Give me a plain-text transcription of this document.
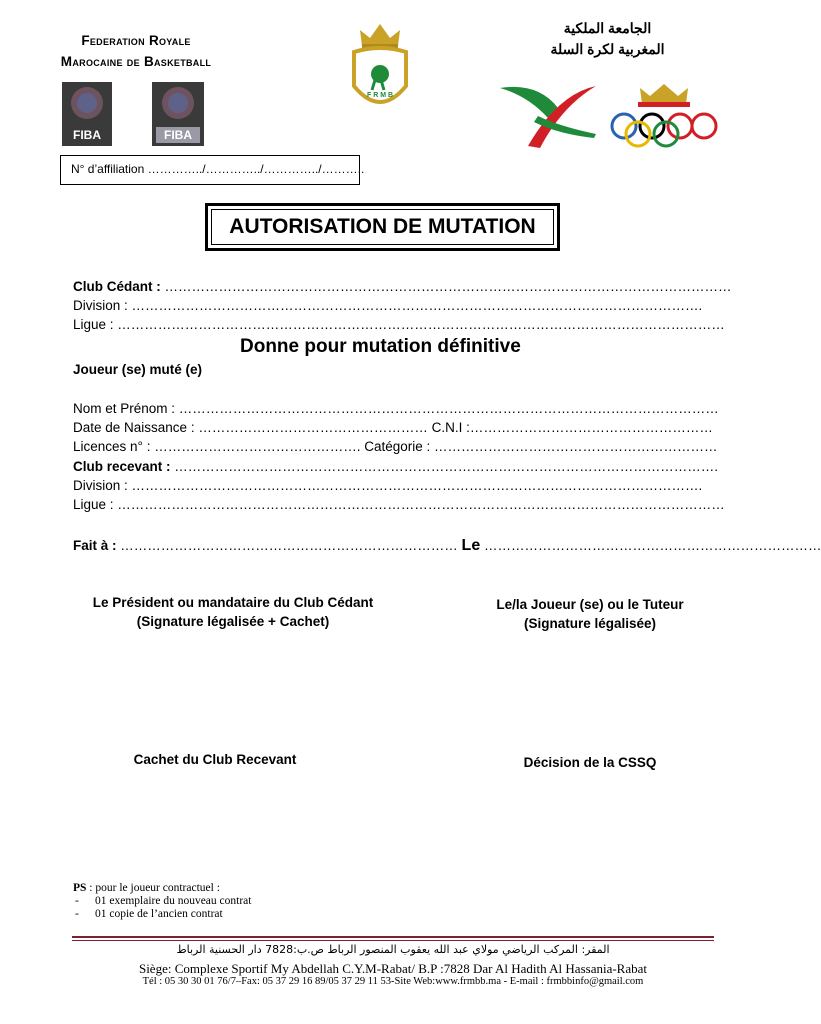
Federation Royale
Marocaine de Basketball
FIBA	FIBA
F R M B
الجامعة الملكية
المغربية لكرة السلة
N° d’affiliation …………../…………../…………../………..
AUTORISATION DE MUTATION
Club Cédant : ………………………………………………………………………………………………………………
Division : ……………………………………………………………………………………………………………….
Ligue : ………………………………………………………………………………………………………………………
Donne pour mutation définitive
Joueur (se) muté (e)
Nom et Prénom : …………………………………………………………………………………………………………
Date de Naissance : …………………………………………… C.N.I :………………………………………………
Licences n° : ………………………………………. Catégorie : ………………………………………………………
Club recevant : ………………………………………………………………………………………………………….
Division : ……………………………………………………………………………………………………………….
Ligue : ………………………………………………………………………………………………………………………
Fait à : ………………………………………………………………… Le …………………………………………………………………
Le Président ou mandataire du Club Cédant
(Signature légalisée + Cachet)
Le/la Joueur (se) ou le Tuteur
(Signature légalisée)
Cachet du Club Recevant	Décision de la CSSQ
PS : pour le joueur contractuel :
- 01 exemplaire du nouveau contrat
- 01 copie de l’ancien contrat
المقر: المركب الرياضي مولاي عبد الله يعقوب المنصور الرباط ص.ب:7828 دار الحسنية الرباط
Siège: Complexe Sportif My Abdellah C.Y.M-Rabat/ B.P :7828 Dar Al Hadith Al Hassania-Rabat
Tél : 05 30 30 01 76/7–Fax: 05 37 29 16 89/05 37 29 11 53-Site Web:www.frmbb.ma - E-mail : frmbbinfo@gmail.com
